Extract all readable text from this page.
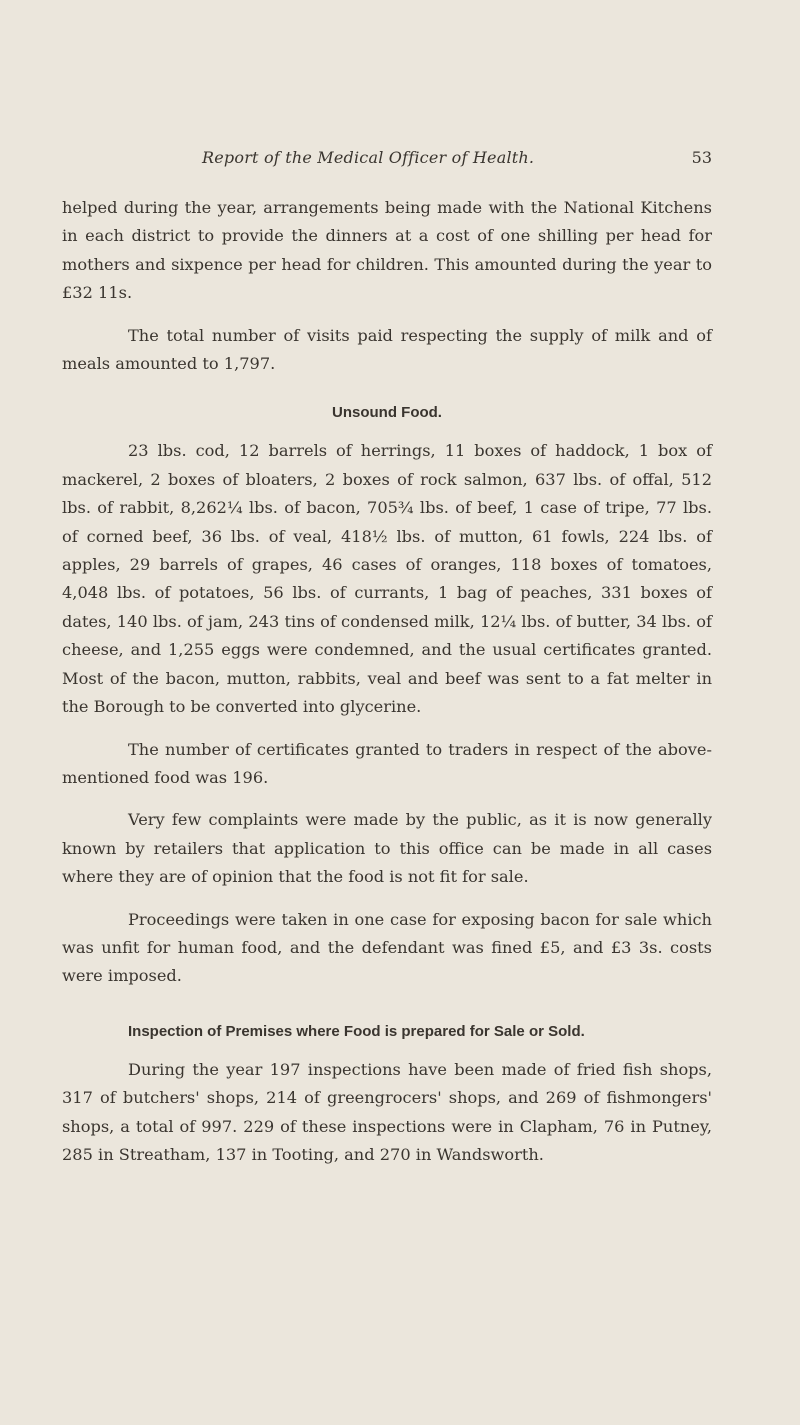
Report of the Medical Officer of Health.	53

helped during the year, arrangements being made with the National Kitchens in each district to provide the dinners at a cost of one shilling per head for mothers and sixpence per head for children. This amounted during the year to £32 11s.

The total number of visits paid respecting the supply of milk and of meals amounted to 1,797.

Unsound Food.

23 lbs. cod, 12 barrels of herrings, 11 boxes of haddock, 1 box of mackerel, 2 boxes of bloaters, 2 boxes of rock salmon, 637 lbs. of offal, 512 lbs. of rabbit, 8,262¼ lbs. of bacon, 705¾ lbs. of beef, 1 case of tripe, 77 lbs. of corned beef, 36 lbs. of veal, 418½ lbs. of mutton, 61 fowls, 224 lbs. of apples, 29 barrels of grapes, 46 cases of oranges, 118 boxes of tomatoes, 4,048 lbs. of potatoes, 56 lbs. of currants, 1 bag of peaches, 331 boxes of dates, 140 lbs. of jam, 243 tins of condensed milk, 12¼ lbs. of butter, 34 lbs. of cheese, and 1,255 eggs were condemned, and the usual certificates granted. Most of the bacon, mutton, rabbits, veal and beef was sent to a fat melter in the Borough to be converted into glycerine.

The number of certificates granted to traders in respect of the above-mentioned food was 196.

Very few complaints were made by the public, as it is now generally known by retailers that application to this office can be made in all cases where they are of opinion that the food is not fit for sale.

Proceedings were taken in one case for exposing bacon for sale which was unfit for human food, and the defendant was fined £5, and £3 3s. costs were imposed.

Inspection of Premises where Food is prepared for Sale or Sold.

During the year 197 inspections have been made of fried fish shops, 317 of butchers' shops, 214 of greengrocers' shops, and 269 of fishmongers' shops, a total of 997. 229 of these inspections were in Clapham, 76 in Putney, 285 in Streatham, 137 in Tooting, and 270 in Wandsworth.
